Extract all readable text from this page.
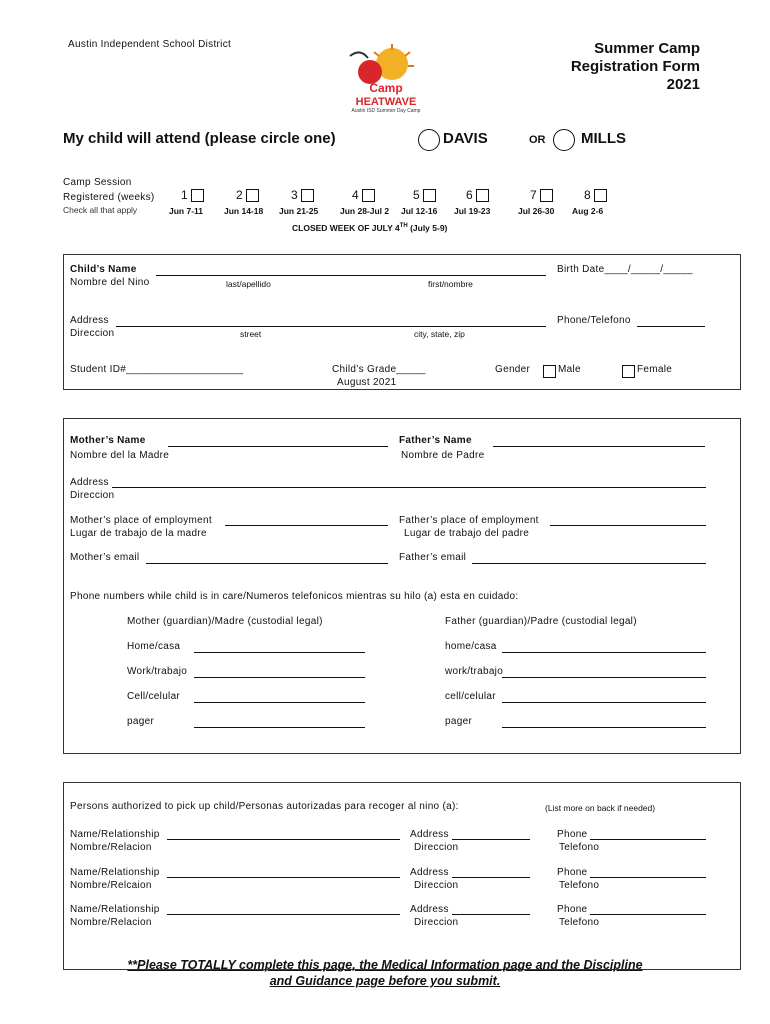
Austin Independent School District
Camp
HEATWAVE
Austin ISD Summer Day Camp
Summer Camp
Registration Form
2021
My child will attend (please circle one)	DAVIS	OR MILLS
Camp Session
Registered (weeks)
Check all that apply
1
Jun 7-11
2
Jun 14-18
3
Jun 21-25
4
Jun 28-Jul 2
5
Jul 12-16
6
Jul 19-23
7
Jul 26-30
8
Aug 2-6
CLOSED WEEK OF JULY 4TH (July 5-9)
Child’s Name
Nombre del Nino	last/apellido	first/nombre
Birth Date____/_____/_____
Address
Direccion	street	city, state, zip
Phone/Telefono
Student ID#____________________	Child’s Grade_____
August 2021
Gender	Male	Female
Mother’s Name
Nombre del la Madre
Father’s Name
Nombre de Padre
Address
Direccion
Mother’s place of employment
Lugar de trabajo de la madre
Father’s place of employment
Lugar de trabajo del padre
Mother’s email	Father’s email
Phone numbers while child is in care/Numeros telefonicos mientras su hilo (a) esta en cuidado:
Mother (guardian)/Madre (custodial legal)	Father (guardian)/Padre (custodial legal)
Home/casa	home/casa
Work/trabajo	work/trabajo
Cell/celular	cell/celular
pager	pager
Persons authorized to pick up child/Personas autorizadas para recoger al nino (a):	(List more on back if needed)
Name/Relationship
Nombre/Relacion
Address
Direccion
Phone
Telefono
Name/Relationship
Nombre/Relcaion
Address
Direccion
Phone
Telefono
Name/Relationship
Nombre/Relacion
Address
Direccion
Phone
Telefono
**Please TOTALLY complete this page, the Medical Information page and the Discipline
and Guidance page before you submit.
